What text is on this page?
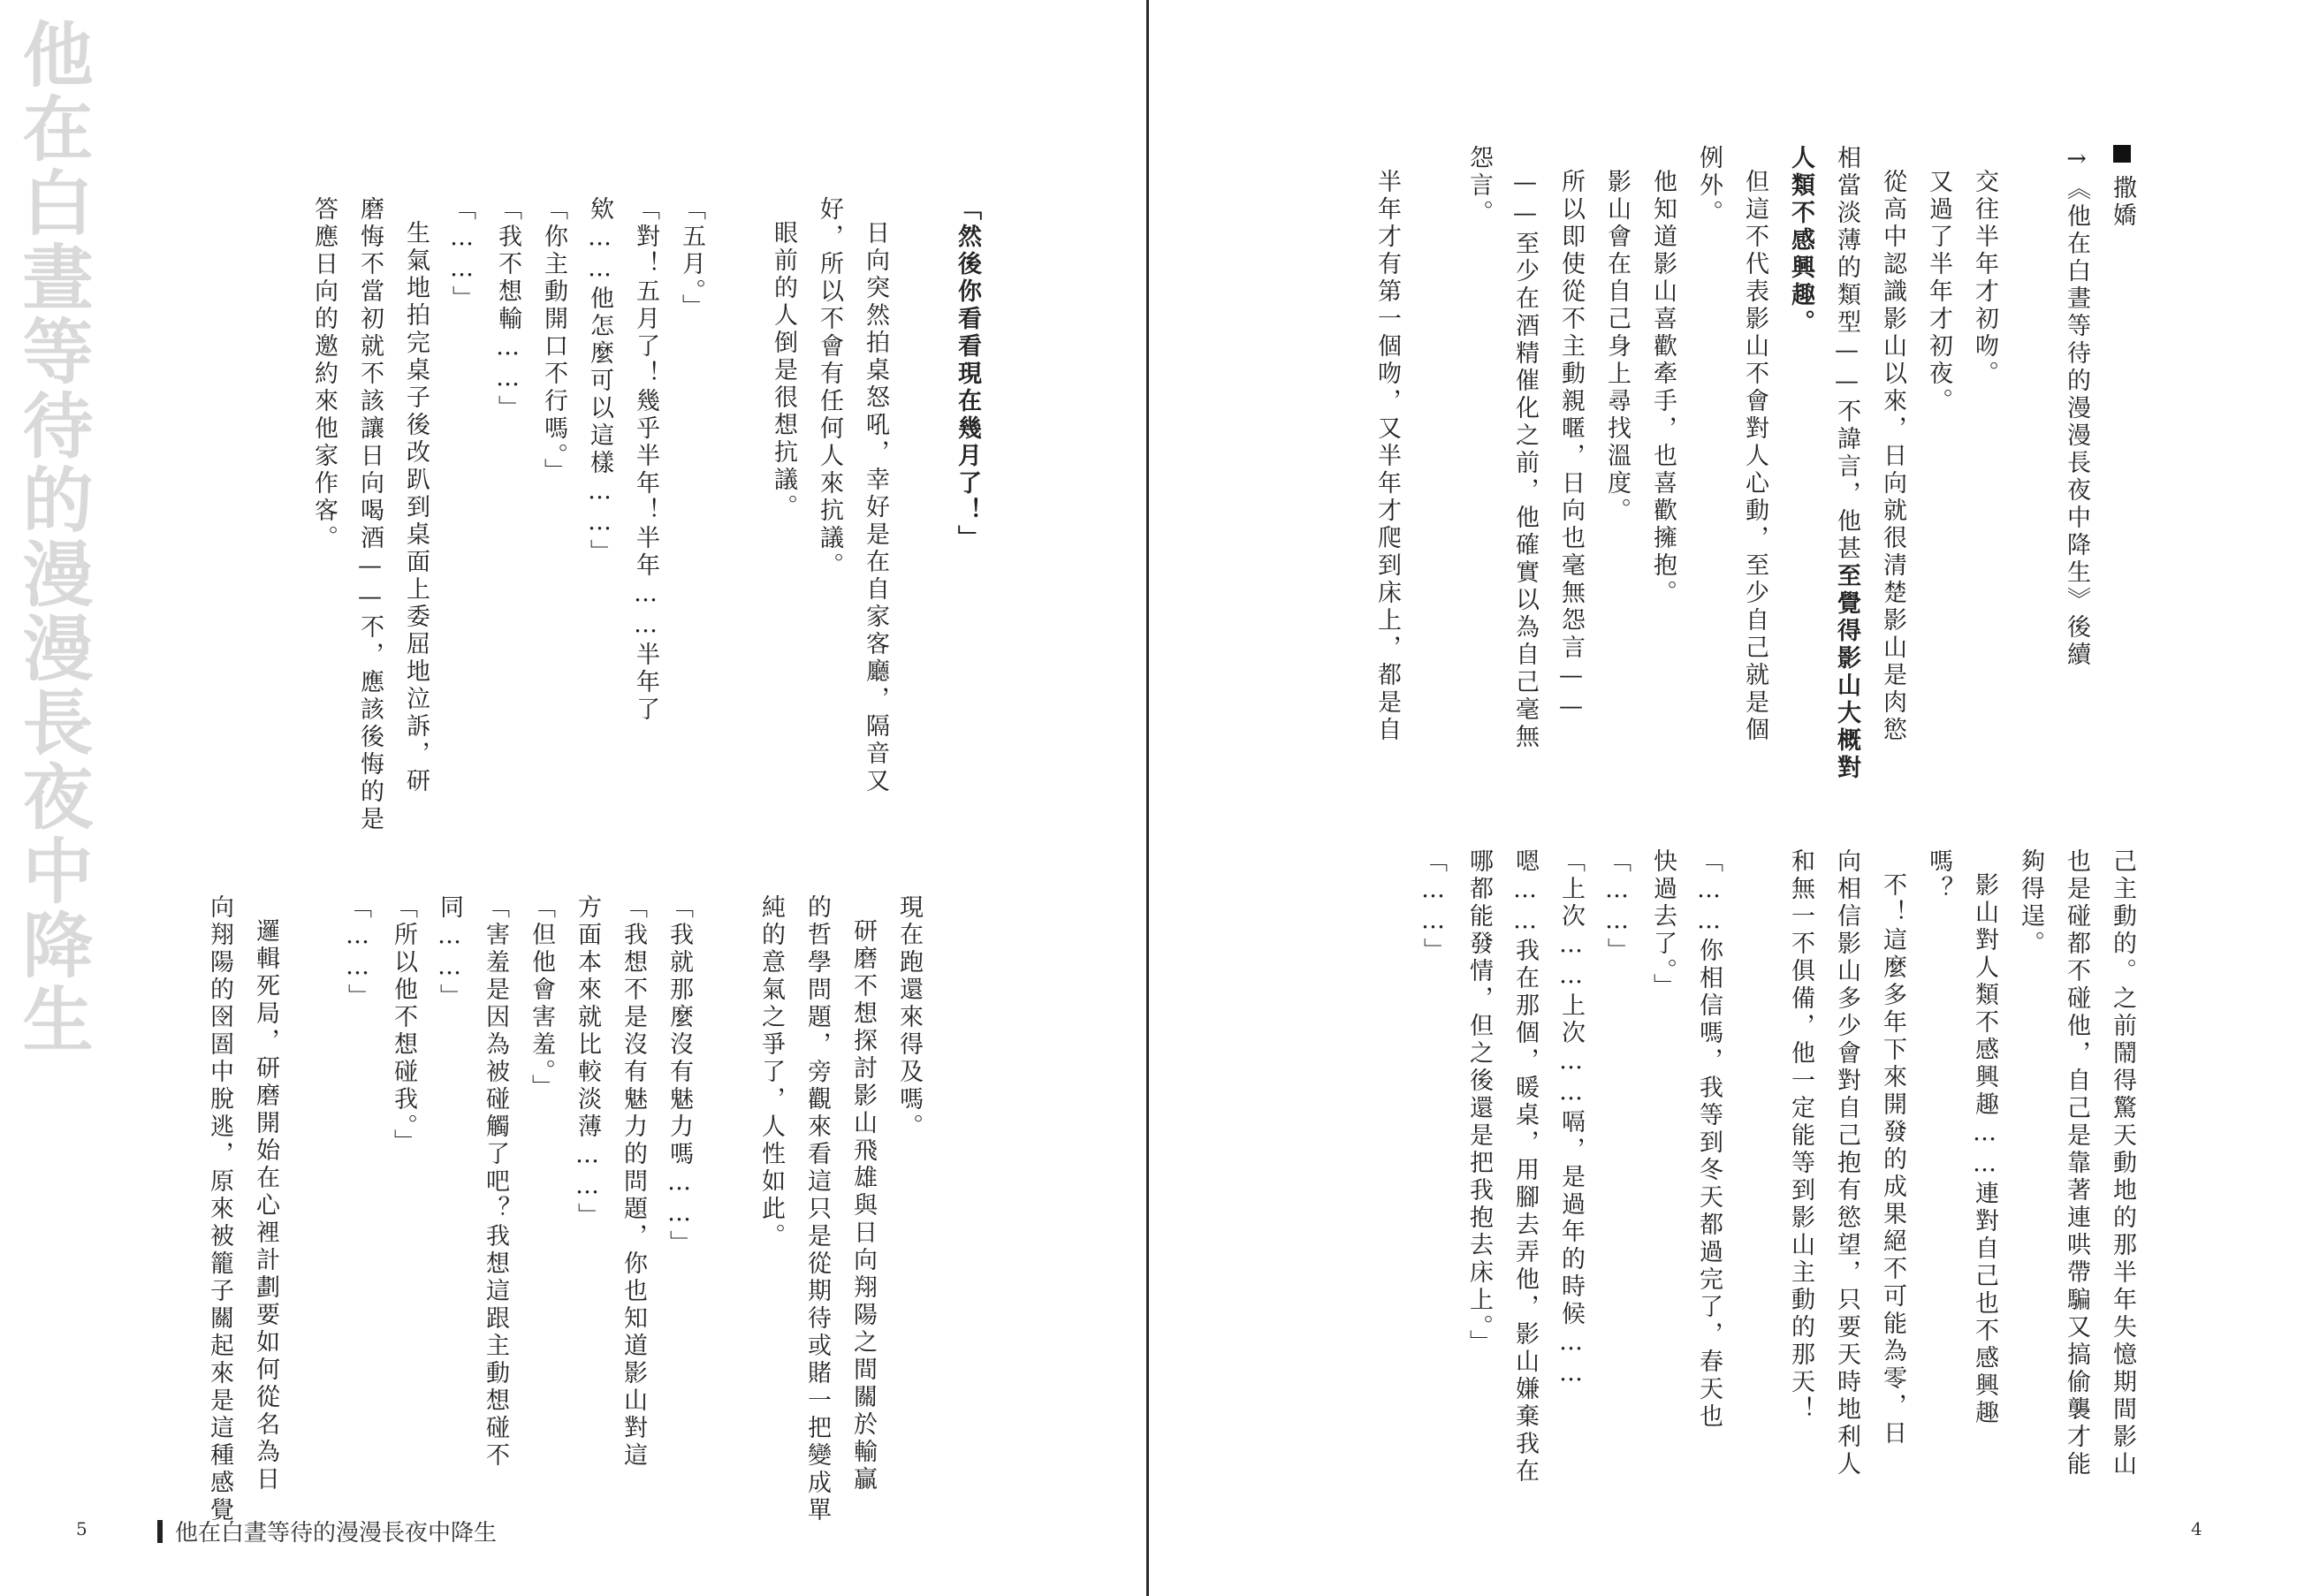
他在白晝等待的漫漫長夜中降生	「然後你看看現在幾月了！」

日向突然拍桌怒吼，幸好是在自家客廳，隔音又

好，所以不會有任何人來抗議。

眼前的人倒是很想抗議。

「五月。」

「對！五月了！幾乎半年！半年……半年了

欸……他怎麼可以這樣……」

「你主動開口不行嗎。」

「我不想輸……」

「……」

生氣地拍完桌子後改趴到桌面上委屈地泣訴，研

磨悔不當初就不該讓日向喝酒——不，應該後悔的是

答應日向的邀約來他家作客。

現在跑還來得及嗎。

研磨不想探討影山飛雄與日向翔陽之間關於輸贏

的哲學問題，旁觀來看這只是從期待或賭一把變成單

純的意氣之爭了，人性如此。

「我就那麼沒有魅力嗎……」

「我想不是沒有魅力的問題，你也知道影山對這

方面本來就比較淡薄……」

「但他會害羞。」

「害羞是因為被碰觸了吧？我想這跟主動想碰不

同……」

「所以他不想碰我。」

「……」

邏輯死局，研磨開始在心裡計劃要如何從名為日

向翔陽的囹圄中脫逃，原來被籠子關起來是這種感覺

5	他在白晝等待的漫漫長夜中降生

撒嬌

→《他在白晝等待的漫漫長夜中降生》後續

交往半年才初吻。

又過了半年才初夜。

從高中認識影山以來，日向就很清楚影山是肉慾

相當淡薄的類型——不諱言，他甚至覺得影山大概對

人類不感興趣。

但這不代表影山不會對人心動，至少自己就是個

例外。

他知道影山喜歡牽手，也喜歡擁抱。

影山會在自己身上尋找溫度。

所以即使從不主動親暱，日向也毫無怨言——

——至少在酒精催化之前，他確實以為自己毫無

怨言。

半年才有第一個吻，又半年才爬到床上，都是自

己主動的。之前鬧得驚天動地的那半年失憶期間影山

也是碰都不碰他，自己是靠著連哄帶騙又搞偷襲才能

夠得逞。

影山對人類不感興趣……連對自己也不感興趣

嗎？

不！這麼多年下來開發的成果絕不可能為零，日

向相信影山多少會對自己抱有慾望，只要天時地利人

和無一不俱備，他一定能等到影山主動的那天！

「……你相信嗎，我等到冬天都過完了，春天也

快過去了。」

「……」

「上次……上次……嗝，是過年的時候……

嗯……我在那個，暖桌，用腳去弄他，影山嫌棄我在

哪都能發情，但之後還是把我抱去床上。」

「……」

4
